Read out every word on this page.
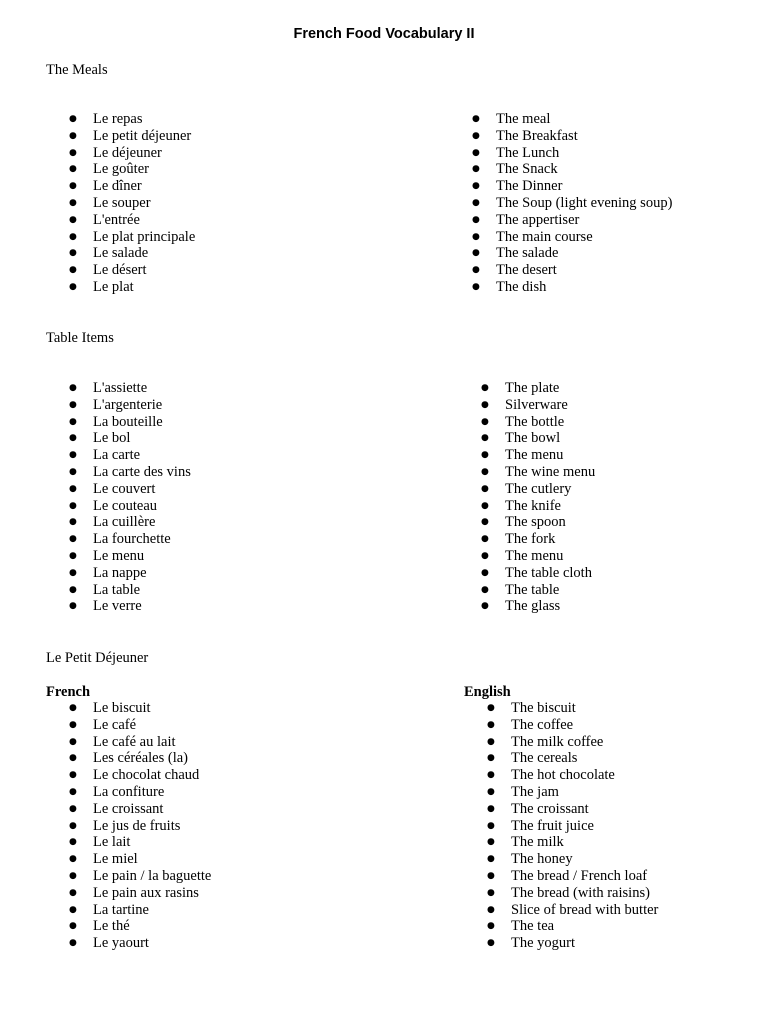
French Food Vocabulary II
The Meals
● Le repas
● Le petit déjeuner
● Le déjeuner
● Le goûter
● Le dîner
● Le souper
● L'entrée
● Le plat principale
● Le salade
● Le désert
● Le plat
● The meal
● The Breakfast
● The Lunch
● The Snack
● The Dinner
● The Soup (light evening soup)
● The appertiser
● The main course
● The salade
● The desert
● The dish
Table Items
● L'assiette
● L'argenterie
● La bouteille
● Le bol
● La carte
● La carte des vins
● Le couvert
● Le couteau
● La cuillère
● La fourchette
● Le menu
● La nappe
● La table
● Le verre
● The plate
● Silverware
● The bottle
● The bowl
● The menu
● The wine menu
● The cutlery
● The knife
● The spoon
● The fork
● The menu
● The table cloth
● The table
● The glass
Le Petit Déjeuner
French	English
● Le biscuit
● Le café
● Le café au lait
● Les céréales (la)
● Le chocolat chaud
● La confiture
● Le croissant
● Le jus de fruits
● Le lait
● Le miel
● Le pain / la baguette
● Le pain aux rasins
● La tartine
● Le thé
● Le yaourt
● The biscuit
● The coffee
● The milk coffee
● The cereals
● The hot chocolate
● The jam
● The croissant
● The fruit juice
● The milk
● The honey
● The bread / French loaf
● The bread (with raisins)
● Slice of bread with butter
● The tea
● The yogurt
